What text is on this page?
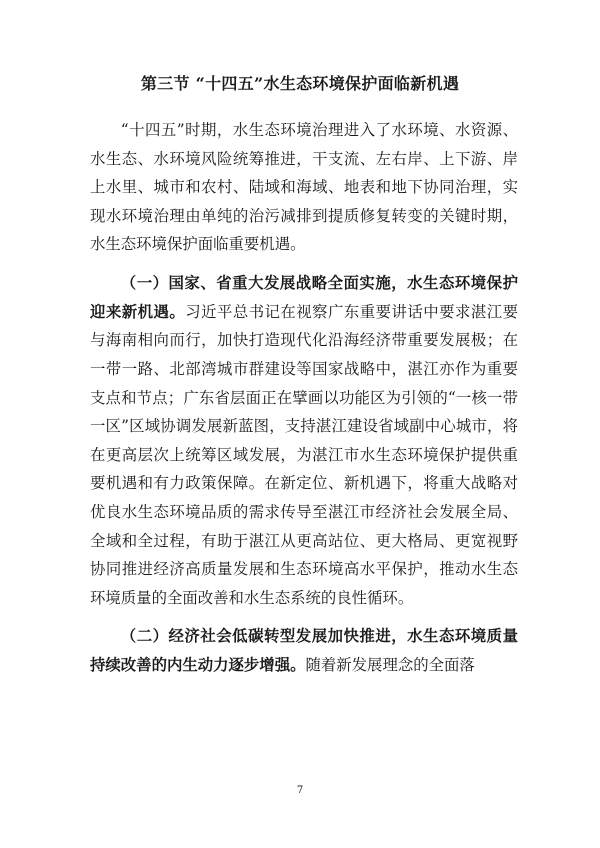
第三节 “十四五”水生态环境保护面临新机遇

“十四五”时期，水生态环境治理进入了水环境、水资源、水生态、水环境风险统筹推进，干支流、左右岸、上下游、岸上水里、城市和农村、陆域和海域、地表和地下协同治理，实现水环境治理由单纯的治污减排到提质修复转变的关键时期，水生态环境保护面临重要机遇。

（一）国家、省重大发展战略全面实施，水生态环境保护迎来新机遇。习近平总书记在视察广东重要讲话中要求湛江要与海南相向而行，加快打造现代化沿海经济带重要发展极；在一带一路、北部湾城市群建设等国家战略中，湛江亦作为重要支点和节点；广东省层面正在擘画以功能区为引领的“一核一带一区”区域协调发展新蓝图，支持湛江建设省域副中心城市，将在更高层次上统筹区域发展，为湛江市水生态环境保护提供重要机遇和有力政策保障。在新定位、新机遇下，将重大战略对优良水生态环境品质的需求传导至湛江市经济社会发展全局、全域和全过程，有助于湛江从更高站位、更大格局、更宽视野协同推进经济高质量发展和生态环境高水平保护，推动水生态环境质量的全面改善和水生态系统的良性循环。

（二）经济社会低碳转型发展加快推进，水生态环境质量持续改善的内生动力逐步增强。随着新发展理念的全面落

7
